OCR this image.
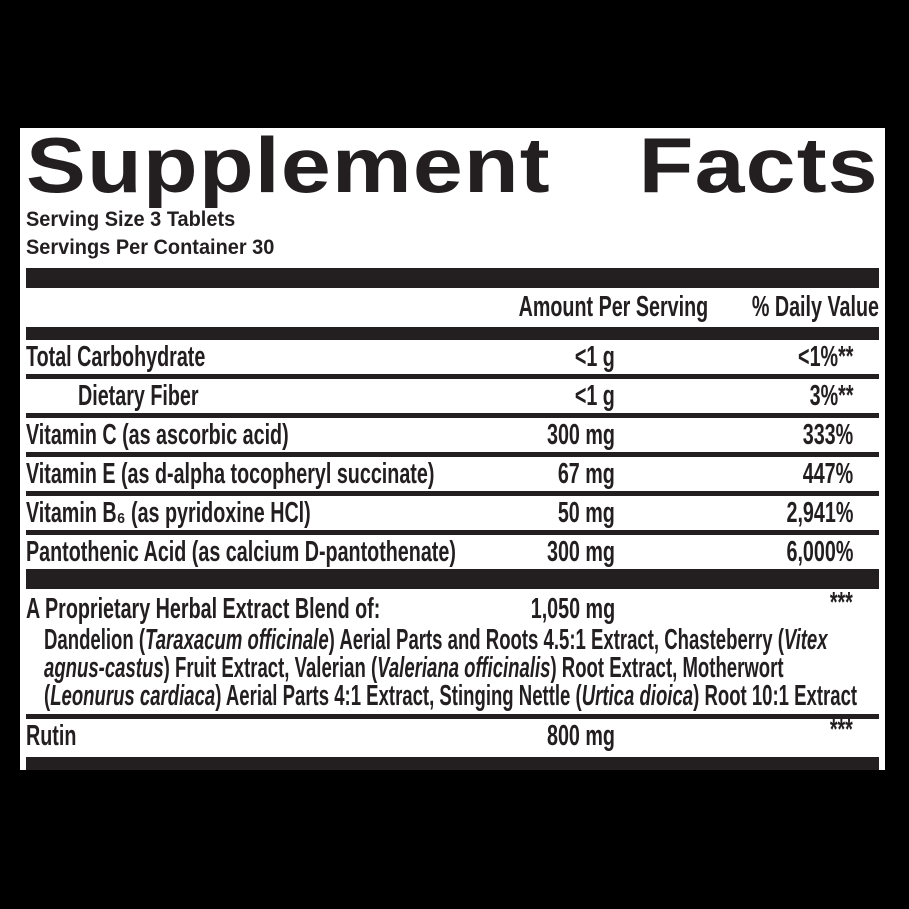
Supplement Facts
Serving Size 3 Tablets
Servings Per Container 30
Amount Per Serving	% Daily Value
Total Carbohydrate	<1 g	<1%**
Dietary Fiber	<1 g	3%**
Vitamin C (as ascorbic acid)	300 mg	333%
Vitamin E (as d-alpha tocopheryl succinate)	67 mg	447%
Vitamin B₆ (as pyridoxine HCl)	50 mg	2,941%
Pantothenic Acid (as calcium D-pantothenate)	300 mg	6,000%
A Proprietary Herbal Extract Blend of:	1,050 mg	***
Dandelion (Taraxacum officinale) Aerial Parts and Roots 4.5:1 Extract, Chasteberry (Vitex
agnus-castus) Fruit Extract, Valerian (Valeriana officinalis) Root Extract, Motherwort
(Leonurus cardiaca) Aerial Parts 4:1 Extract, Stinging Nettle (Urtica dioica) Root 10:1 Extract
Rutin	800 mg	***
